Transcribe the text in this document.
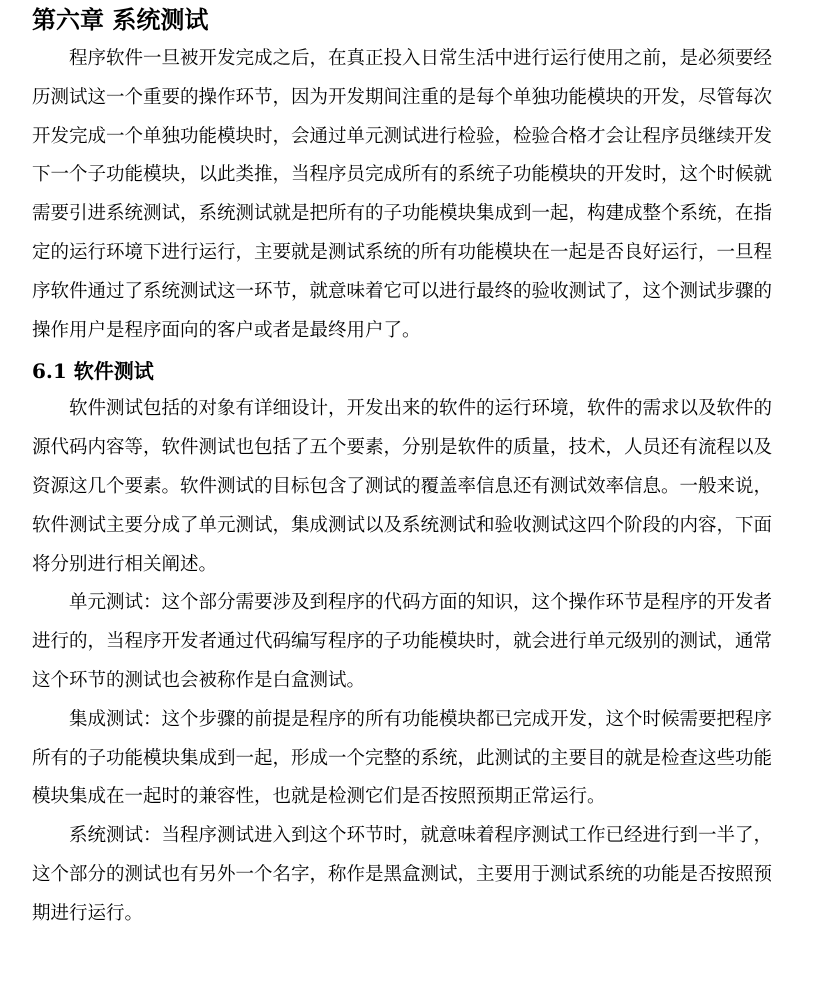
第六章 系统测试

程序软件一旦被开发完成之后，在真正投入日常生活中进行运行使用之前，是必须要经历测试这一个重要的操作环节，因为开发期间注重的是每个单独功能模块的开发，尽管每次开发完成一个单独功能模块时，会通过单元测试进行检验，检验合格才会让程序员继续开发下一个子功能模块，以此类推，当程序员完成所有的系统子功能模块的开发时，这个时候就需要引进系统测试，系统测试就是把所有的子功能模块集成到一起，构建成整个系统，在指定的运行环境下进行运行，主要就是测试系统的所有功能模块在一起是否良好运行，一旦程序软件通过了系统测试这一环节，就意味着它可以进行最终的验收测试了，这个测试步骤的操作用户是程序面向的客户或者是最终用户了。

6.1 软件测试

软件测试包括的对象有详细设计，开发出来的软件的运行环境，软件的需求以及软件的源代码内容等，软件测试也包括了五个要素，分别是软件的质量，技术，人员还有流程以及资源这几个要素。软件测试的目标包含了测试的覆盖率信息还有测试效率信息。一般来说，软件测试主要分成了单元测试，集成测试以及系统测试和验收测试这四个阶段的内容，下面将分别进行相关阐述。

单元测试：这个部分需要涉及到程序的代码方面的知识，这个操作环节是程序的开发者进行的，当程序开发者通过代码编写程序的子功能模块时，就会进行单元级别的测试，通常这个环节的测试也会被称作是白盒测试。

集成测试：这个步骤的前提是程序的所有功能模块都已完成开发，这个时候需要把程序所有的子功能模块集成到一起，形成一个完整的系统，此测试的主要目的就是检查这些功能模块集成在一起时的兼容性，也就是检测它们是否按照预期正常运行。

系统测试：当程序测试进入到这个环节时，就意味着程序测试工作已经进行到一半了，这个部分的测试也有另外一个名字，称作是黑盒测试，主要用于测试系统的功能是否按照预期进行运行。
